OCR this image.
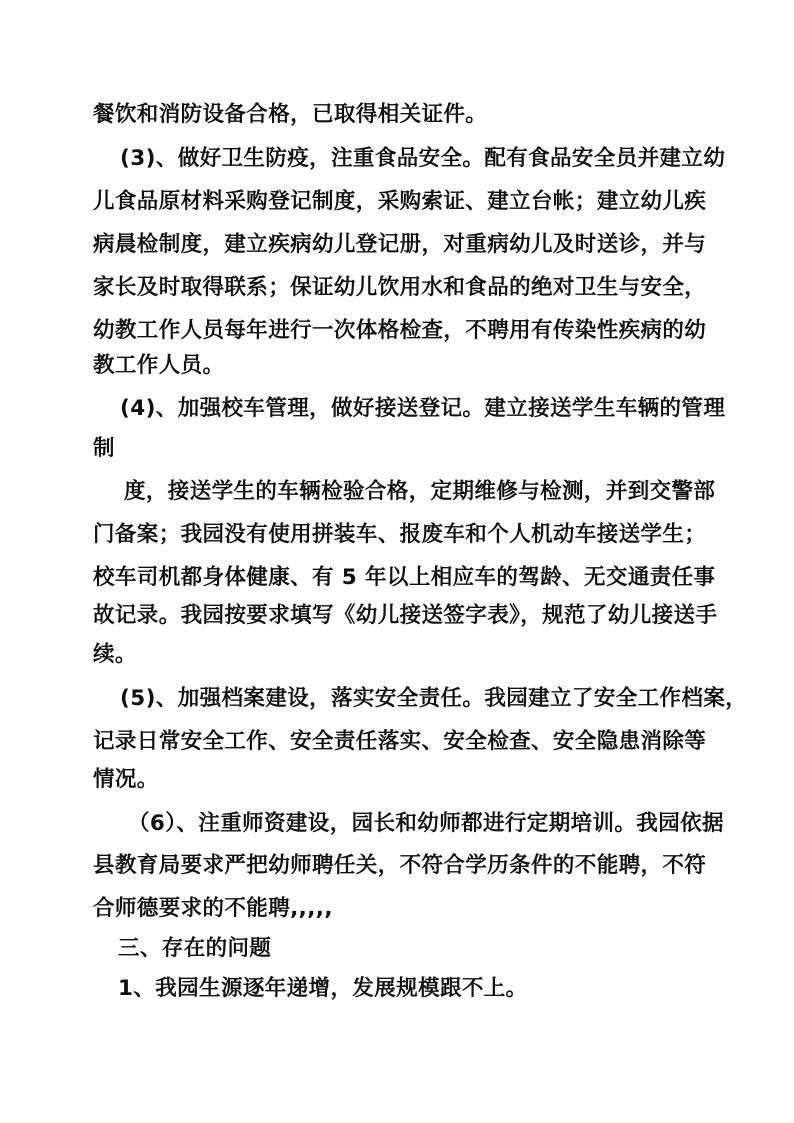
餐饮和消防设备合格，已取得相关证件。
(3)、做好卫生防疫，注重食品安全。配有食品安全员并建立幼
儿食品原材料采购登记制度，采购索证、建立台帐；建立幼儿疾
病晨检制度，建立疾病幼儿登记册，对重病幼儿及时送诊，并与
家长及时取得联系；保证幼儿饮用水和食品的绝对卫生与安全，
幼教工作人员每年进行一次体格检查，不聘用有传染性疾病的幼
教工作人员。
(4)、加强校车管理，做好接送登记。建立接送学生车辆的管理
制
度，接送学生的车辆检验合格，定期维修与检测，并到交警部
门备案；我园没有使用拼装车、报废车和个人机动车接送学生；
校车司机都身体健康、有 5 年以上相应车的驾龄、无交通责任事
故记录。我园按要求填写《幼儿接送签字表》，规范了幼儿接送手
续。
(5)、加强档案建设，落实安全责任。我园建立了安全工作档案，
记录日常安全工作、安全责任落实、安全检查、安全隐患消除等
情况。
（6）、注重师资建设，园长和幼师都进行定期培训。我园依据
县教育局要求严把幼师聘任关，不符合学历条件的不能聘，不符
合师德要求的不能聘,,,,,
三、存在的问题
1、我园生源逐年递增，发展规模跟不上。
